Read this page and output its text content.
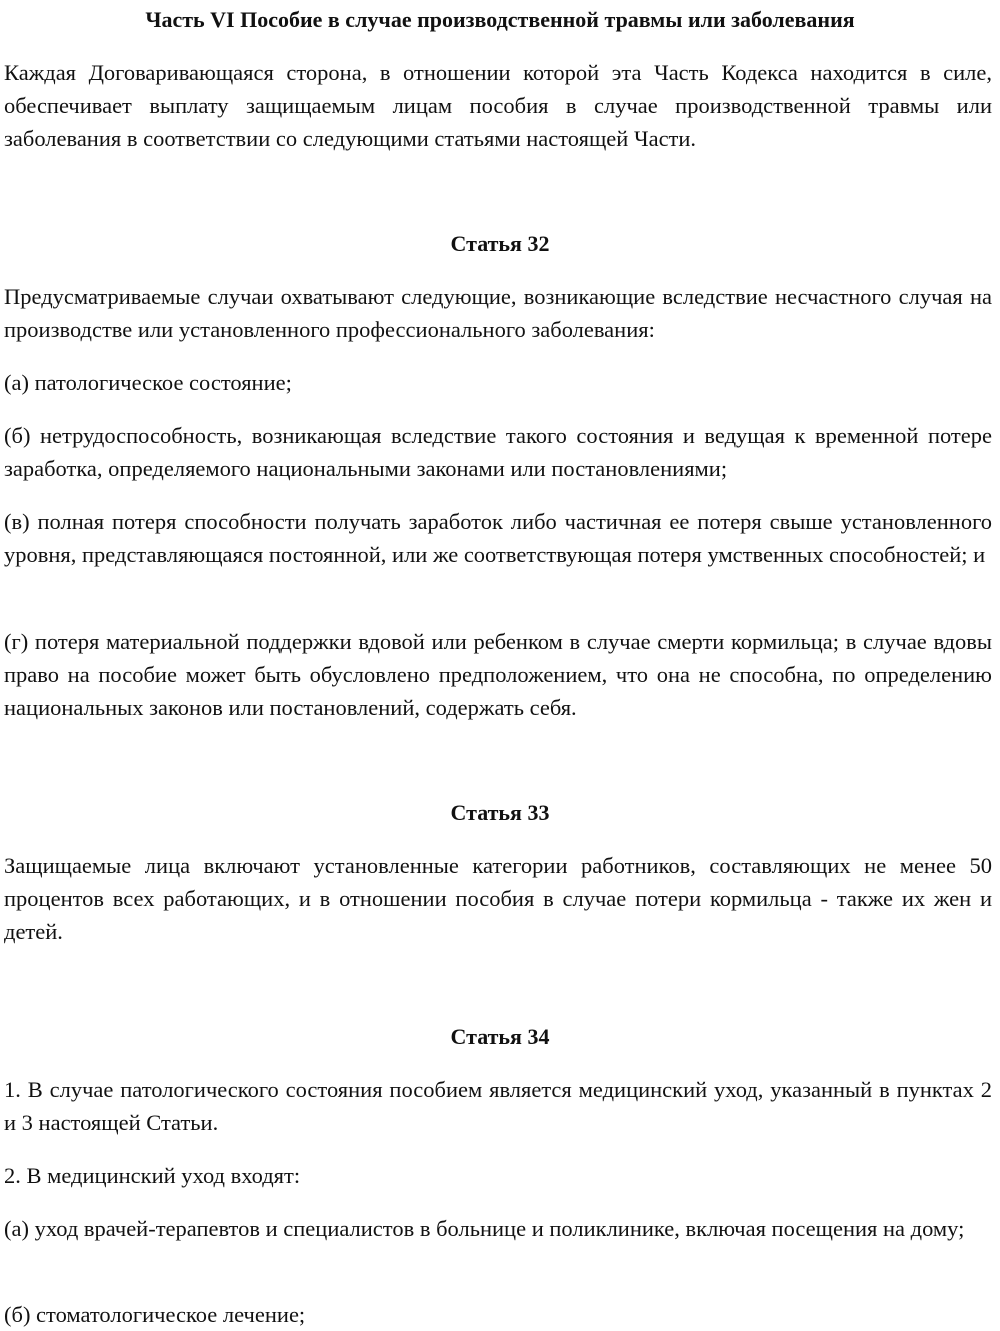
Часть VI Пособие в случае производственной травмы или заболевания

Каждая Договаривающаяся сторона, в отношении которой эта Часть Кодекса находится в силе, обеспечивает выплату защищаемым лицам пособия в случае производственной травмы или заболевания в соответствии со следующими статьями настоящей Части.

Статья 32

Предусматриваемые случаи охватывают следующие, возникающие вследствие несчастного случая на производстве или установленного профессионального заболевания:

(а) патологическое состояние;

(б) нетрудоспособность, возникающая вследствие такого состояния и ведущая к временной потере заработка, определяемого национальными законами или постановлениями;

(в) полная потеря способности получать заработок либо частичная ее потеря свыше установленного уровня, представляющаяся постоянной, или же соответствующая потеря умственных способностей; и

(г) потеря материальной поддержки вдовой или ребенком в случае смерти кормильца; в случае вдовы право на пособие может быть обусловлено предположением, что она не способна, по определению национальных законов или постановлений, содержать себя.

Статья 33

Защищаемые лица включают установленные категории работников, составляющих не менее 50 процентов всех работающих, и в отношении пособия в случае потери кормильца - также их жен и детей.

Статья 34

1. В случае патологического состояния пособием является медицинский уход, указанный в пунктах 2 и 3 настоящей Статьи.

2. В медицинский уход входят:

(а) уход врачей-терапевтов и специалистов в больнице и поликлинике, включая посещения на дому;

(б) стоматологическое лечение;
